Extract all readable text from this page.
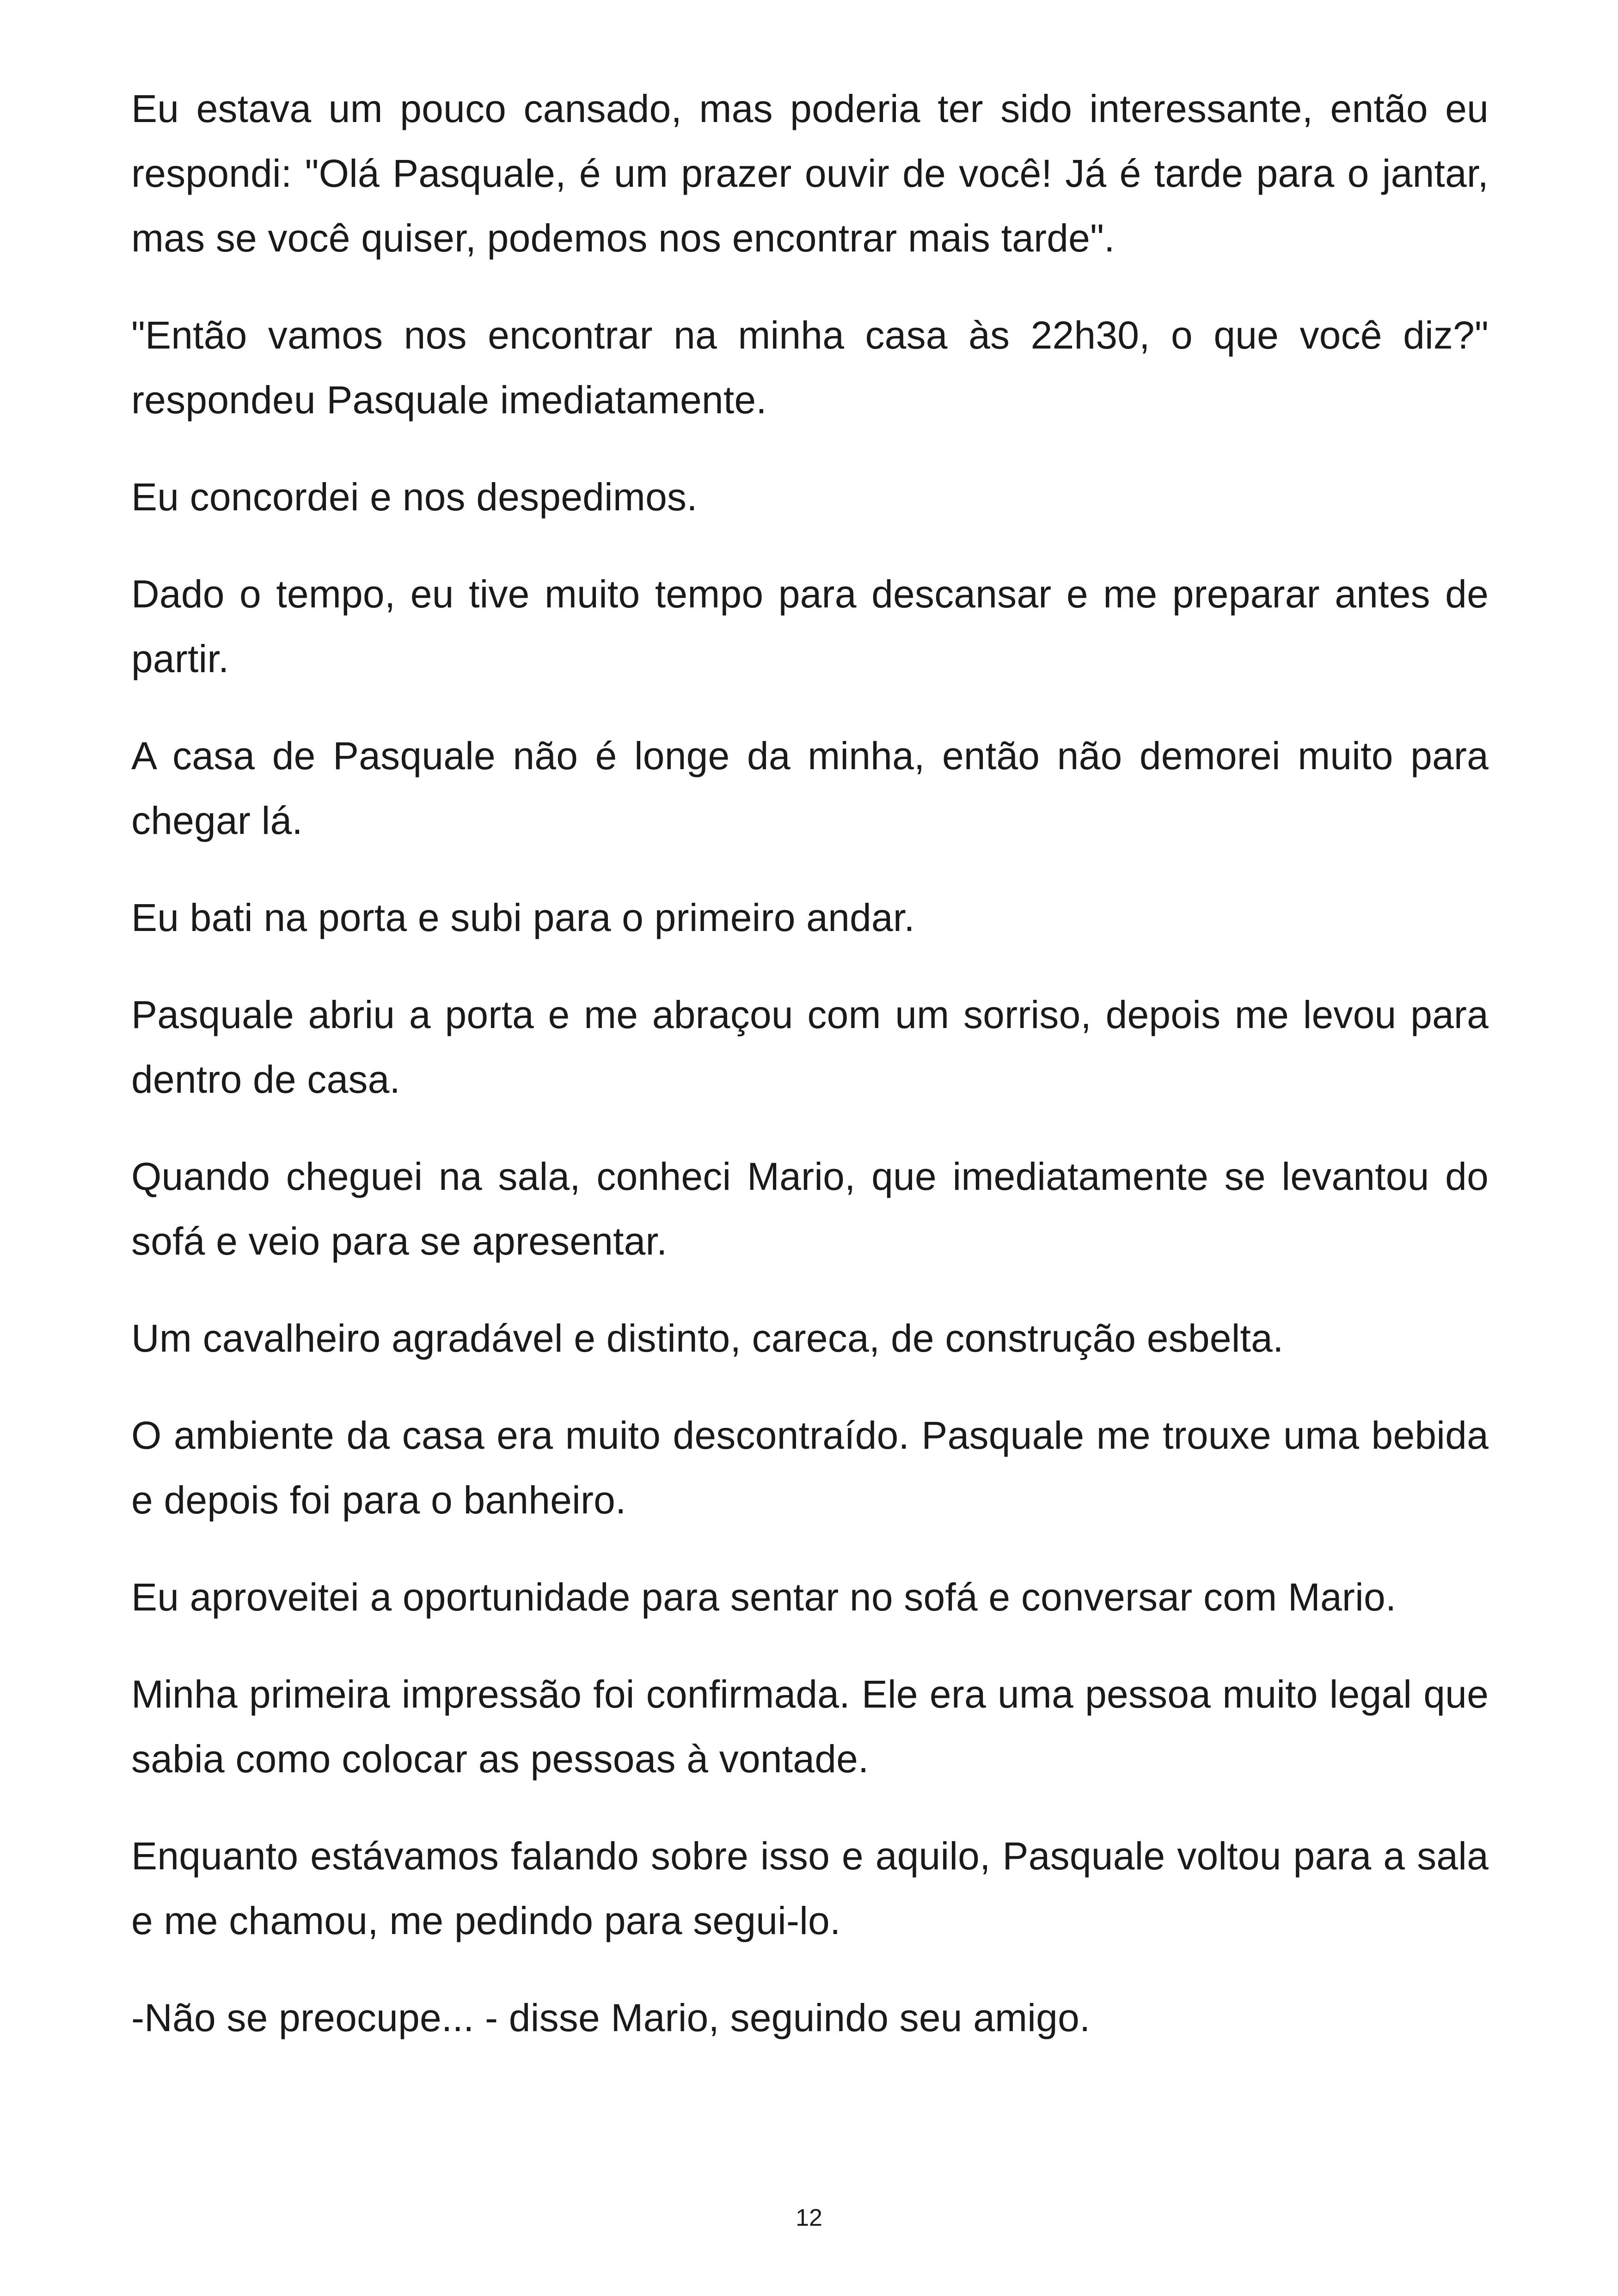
Eu estava um pouco cansado, mas poderia ter sido interessante, então eu respondi: "Olá Pasquale, é um prazer ouvir de você! Já é tarde para o jantar, mas se você quiser, podemos nos encontrar mais tarde".

"Então vamos nos encontrar na minha casa às 22h30, o que você diz?" respondeu Pasquale imediatamente.

Eu concordei e nos despedimos.

Dado o tempo, eu tive muito tempo para descansar e me preparar antes de partir.

A casa de Pasquale não é longe da minha, então não demorei muito para chegar lá.

Eu bati na porta e subi para o primeiro andar.

Pasquale abriu a porta e me abraçou com um sorriso, depois me levou para dentro de casa.

Quando cheguei na sala, conheci Mario, que imediatamente se levantou do sofá e veio para se apresentar.

Um cavalheiro agradável e distinto, careca, de construção esbelta.

O ambiente da casa era muito descontraído. Pasquale me trouxe uma bebida e depois foi para o banheiro.

Eu aproveitei a oportunidade para sentar no sofá e conversar com Mario.

Minha primeira impressão foi confirmada. Ele era uma pessoa muito legal que sabia como colocar as pessoas à vontade.

Enquanto estávamos falando sobre isso e aquilo, Pasquale voltou para a sala e me chamou, me pedindo para segui-lo.

-Não se preocupe... - disse Mario, seguindo seu amigo.

12
